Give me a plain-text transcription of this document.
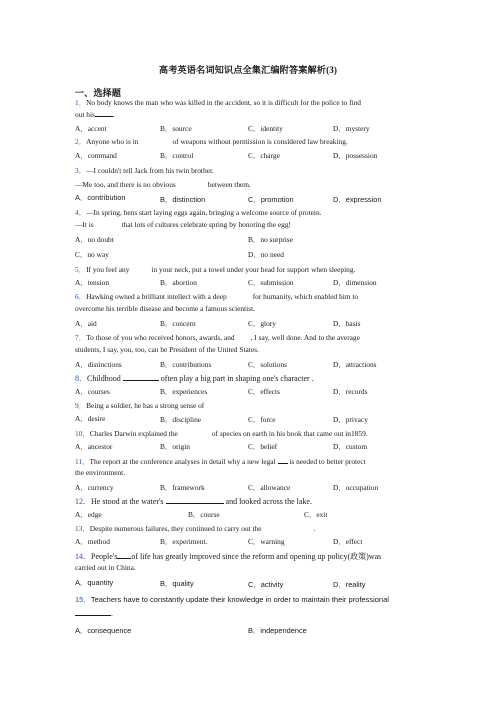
高考英语名词知识点全集汇编附答案解析(3)
一、选择题
1．No body knows the man who was killed in the accident, so it is difficult for the police to find
out his .
A．accent	B．source	C．identity	D．mystery
2．Anyone who is in	of weapons without permission is considered law breaking.
A．command	B．control	C．charge	D．possession
3．—I couldn't tell Jack from his twin brother.
—Me too, and there is no obvious	between them.
A．contribution	B．distinction	C．promotion	D．expression
4．—In spring, hens start laying eggs again, bringing a welcome source of protein.
—It is	that lots of cultures celebrate spring by honoring the egg!
A．no doubt	B．no surprise
C．no way	D．no need
5．If you feel any	in your neck, put a towel under your head for support when sleeping.
A．tension	B．abortion	C．submission	D．dimension
6．Hawking owned a brilliant intellect with a deep	for humanity, which enabled him to
overcome his terrible disease and become a famous scientist.
A．aid	B．concern	C．glory	D．basis
7．To those of you who received honors, awards, and , I say, well done. And to the average
students, I say, you, too, can be President of the United States.
A．distinctions	B．contributions	C．solutions	D．attractions
8．Childhood	often play a big part in shaping one's character .
A．courses	B．experiences	C．effects	D．records
9．Being a soldier, he has a strong sense of
A．desire	B．discipline	C．force	D．privacy
10．Charles Darwin explained the	of species on earth in his book that came out in1859.
A．ancestor	B．origin	C．belief	D．custom
11．The report at the conference analyses in detail why a new legal is needed to better protect
the environment.
A．currency	B．framework	C．allowance	D．occupation
12．He stood at the water's	and looked across the lake.
A．edge	B．course	C．exit
13．Despite numerous failures, they continued to carry out the	.
A．method	B．experiment.	C．warning	D．effect
14．People's of life has greatly improved since the reform and opening up policy(政策)was
carried out in China.
A．quantity	B．quality	C．activity	D．reality
15．Teachers have to constantly update their knowledge in order to maintain their professional
.
A．consequence	B．independence
